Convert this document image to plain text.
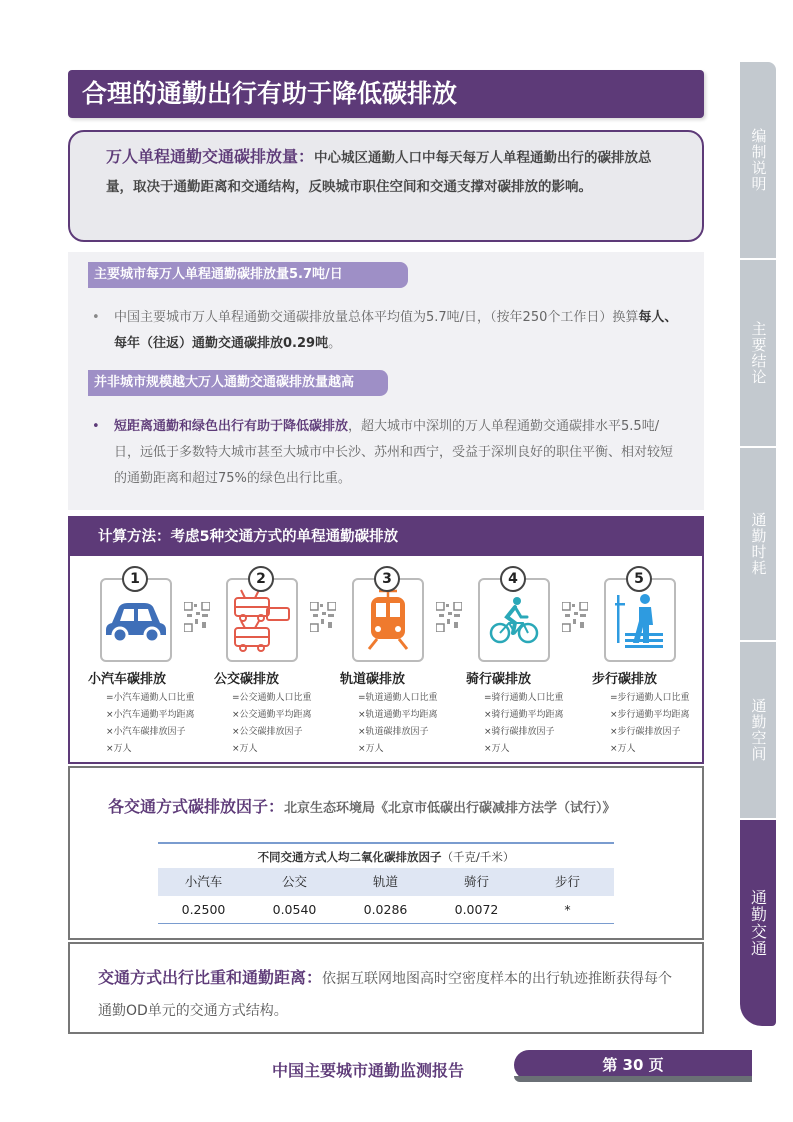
编制说明
主要结论
通勤时耗
通勤空间
通勤交通
合理的通勤出行有助于降低碳排放
万人单程通勤交通碳排放量：中心城区通勤人口中每天每万人单程通勤出行的碳排放总量，取决于通勤距离和交通结构，反映城市职住空间和交通支撑对碳排放的影响。
主要城市每万人单程通勤碳排放量5.7吨/日
• 中国主要城市万人单程通勤交通碳排放量总体平均值为5.7吨/日，（按年250个工作日）换算每人、每年（往返）通勤交通碳排放0.29吨。
并非城市规模越大万人通勤交通碳排放量越高
• 短距离通勤和绿色出行有助于降低碳排放，超大城市中深圳的万人单程通勤交通碳排水平5.5吨/日，远低于多数特大城市甚至大城市中长沙、苏州和西宁，受益于深圳良好的职住平衡、相对较短的通勤距离和超过75%的绿色出行比重。
计算方法：考虑5种交通方式的单程通勤碳排放
1
小汽车碳排放
=小汽车通勤人口比重
×小汽车通勤平均距离
×小汽车碳排放因子
×万人
2
公交碳排放
=公交通勤人口比重
×公交通勤平均距离
×公交碳排放因子
×万人
3
轨道碳排放
=轨道通勤人口比重
×轨道通勤平均距离
×轨道碳排放因子
×万人
4
骑行碳排放
=骑行通勤人口比重
×骑行通勤平均距离
×骑行碳排放因子
×万人
5
步行碳排放
=步行通勤人口比重
×步行通勤平均距离
×步行碳排放因子
×万人
各交通方式碳排放因子：北京生态环境局《北京市低碳出行碳减排方法学（试行）》
不同交通方式人均二氧化碳排放因子（千克/千米）
小汽车	公交	轨道	骑行	步行
0.2500	0.0540	0.0286	0.0072	*
交通方式出行比重和通勤距离：依据互联网地图高时空密度样本的出行轨迹推断获得每个通勤OD单元的交通方式结构。
中国主要城市通勤监测报告	第 30 页
